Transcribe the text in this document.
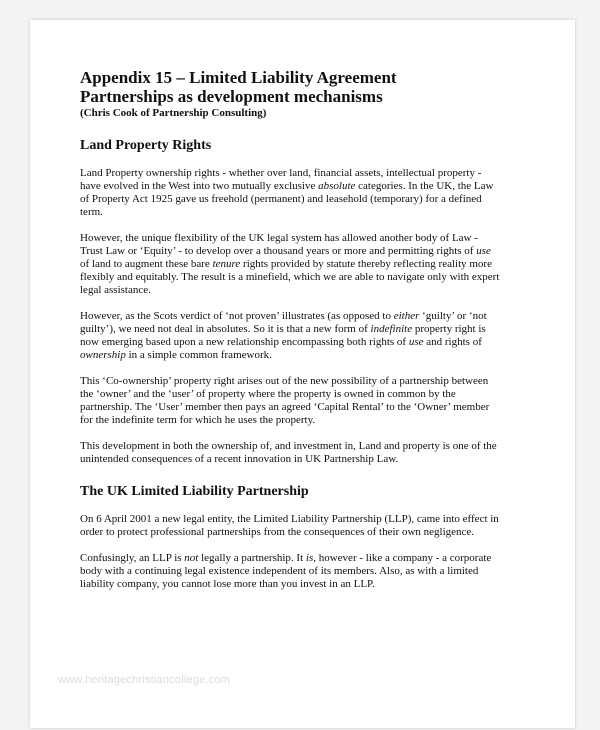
Appendix 15 – Limited Liability Agreement
Partnerships as development mechanisms
(Chris Cook of Partnership Consulting)
Land Property Rights

Land Property ownership rights - whether over land, financial assets, intellectual property - have evolved in the West into two mutually exclusive absolute categories. In the UK, the Law of Property Act 1925 gave us freehold (permanent) and leasehold (temporary) for a defined term.

However, the unique flexibility of the UK legal system has allowed another body of Law - Trust Law or ‘Equity’ - to develop over a thousand years or more and permitting rights of use of land to augment these bare tenure rights provided by statute thereby reflecting reality more flexibly and equitably. The result is a minefield, which we are able to navigate only with expert legal assistance.

However, as the Scots verdict of ‘not proven’ illustrates (as opposed to either ‘guilty’ or ‘not guilty’), we need not deal in absolutes. So it is that a new form of indefinite property right is now emerging based upon a new relationship encompassing both rights of use and rights of ownership in a simple common framework.

This ‘Co-ownership’ property right arises out of the new possibility of a partnership between the ‘owner’ and the ‘user’ of property where the property is owned in common by the partnership. The ‘User’ member then pays an agreed ‘Capital Rental’ to the ‘Owner’ member for the indefinite term for which he uses the property.

This development in both the ownership of, and investment in, Land and property is one of the unintended consequences of a recent innovation in UK Partnership Law.

The UK Limited Liability Partnership

On 6 April 2001 a new legal entity, the Limited Liability Partnership (LLP), came into effect in order to protect professional partnerships from the consequences of their own negligence.

Confusingly, an LLP is not legally a partnership. It is, however - like a company - a corporate body with a continuing legal existence independent of its members. Also, as with a limited liability company, you cannot lose more than you invest in an LLP.

www.heritagechristiancollege.com
